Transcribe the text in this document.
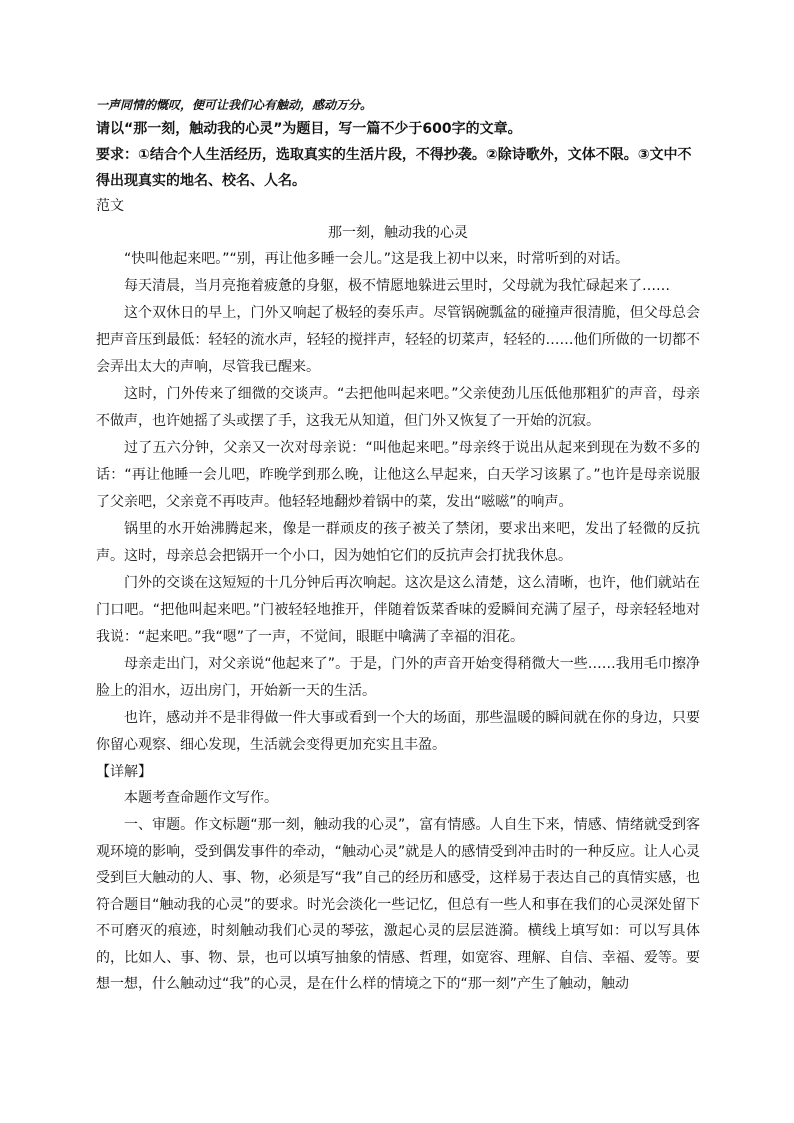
一声同情的慨叹，便可让我们心有触动，感动万分。

请以“那一刻，触动我的心灵”为题目，写一篇不少于600字的文章。

要求：①结合个人生活经历，选取真实的生活片段，不得抄袭。②除诗歌外，文体不限。③文中不得出现真实的地名、校名、人名。

范文

那一刻，触动我的心灵

“快叫他起来吧。”“别，再让他多睡一会儿。”这是我上初中以来，时常听到的对话。

每天清晨，当月亮拖着疲惫的身躯，极不情愿地躲进云里时，父母就为我忙碌起来了……

这个双休日的早上，门外又响起了极轻的奏乐声。尽管锅碗瓢盆的碰撞声很清脆，但父母总会把声音压到最低：轻轻的流水声，轻轻的搅拌声，轻轻的切菜声，轻轻的……他们所做的一切都不会弄出太大的声响，尽管我已醒来。

这时，门外传来了细微的交谈声。“去把他叫起来吧。”父亲使劲儿压低他那粗犷的声音，母亲不做声，也许她摇了头或摆了手，这我无从知道，但门外又恢复了一开始的沉寂。

过了五六分钟，父亲又一次对母亲说：“叫他起来吧。”母亲终于说出从起来到现在为数不多的话：“再让他睡一会儿吧，昨晚学到那么晚，让他这么早起来，白天学习该累了。”也许是母亲说服了父亲吧，父亲竟不再吱声。他轻轻地翻炒着锅中的菜，发出“嗞嗞”的响声。

锅里的水开始沸腾起来，像是一群顽皮的孩子被关了禁闭，要求出来吧，发出了轻微的反抗声。这时，母亲总会把锅开一个小口，因为她怕它们的反抗声会打扰我休息。

门外的交谈在这短短的十几分钟后再次响起。这次是这么清楚，这么清晰，也许，他们就站在门口吧。“把他叫起来吧。”门被轻轻地推开，伴随着饭菜香味的爱瞬间充满了屋子，母亲轻轻地对我说：“起来吧。”我“嗯”了一声，不觉间，眼眶中噙满了幸福的泪花。

母亲走出门，对父亲说“他起来了”。于是，门外的声音开始变得稍微大一些……我用毛巾擦净脸上的泪水，迈出房门，开始新一天的生活。

也许，感动并不是非得做一件大事或看到一个大的场面，那些温暖的瞬间就在你的身边，只要你留心观察、细心发现，生活就会变得更加充实且丰盈。

【详解】

本题考查命题作文写作。

一、审题。作文标题“那一刻，触动我的心灵”，富有情感。人自生下来，情感、情绪就受到客观环境的影响，受到偶发事件的牵动，“触动心灵”就是人的感情受到冲击时的一种反应。让人心灵受到巨大触动的人、事、物，必须是写“我”自己的经历和感受，这样易于表达自己的真情实感，也符合题目“触动我的心灵”的要求。时光会淡化一些记忆，但总有一些人和事在我们的心灵深处留下不可磨灭的痕迹，时刻触动我们心灵的琴弦，激起心灵的层层涟漪。横线上填写如：可以写具体的，比如人、事、物、景，也可以填写抽象的情感、哲理，如宽容、理解、自信、幸福、爱等。要想一想，什么触动过“我”的心灵，是在什么样的情境之下的“那一刻”产生了触动，触动
